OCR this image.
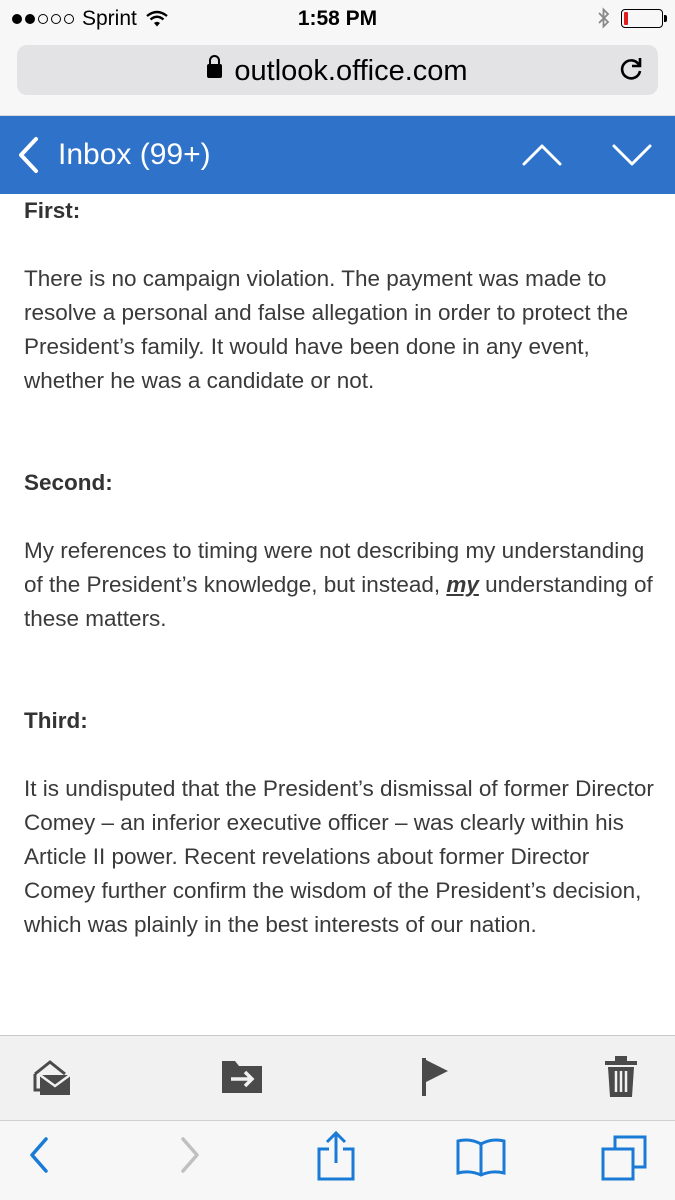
Sprint	1:58 PM
outlook.office.com
Inbox (99+)
First:

There is no campaign violation. The payment was made to resolve a personal and false allegation in order to protect the President’s family. It would have been done in any event, whether he was a candidate or not.

Second:

My references to timing were not describing my understanding of the President’s knowledge, but instead, my understanding of these matters.

Third:

It is undisputed that the President’s dismissal of former Director Comey – an inferior executive officer – was clearly within his Article II power. Recent revelations about former Director Comey further confirm the wisdom of the President’s decision, which was plainly in the best interests of our nation.
